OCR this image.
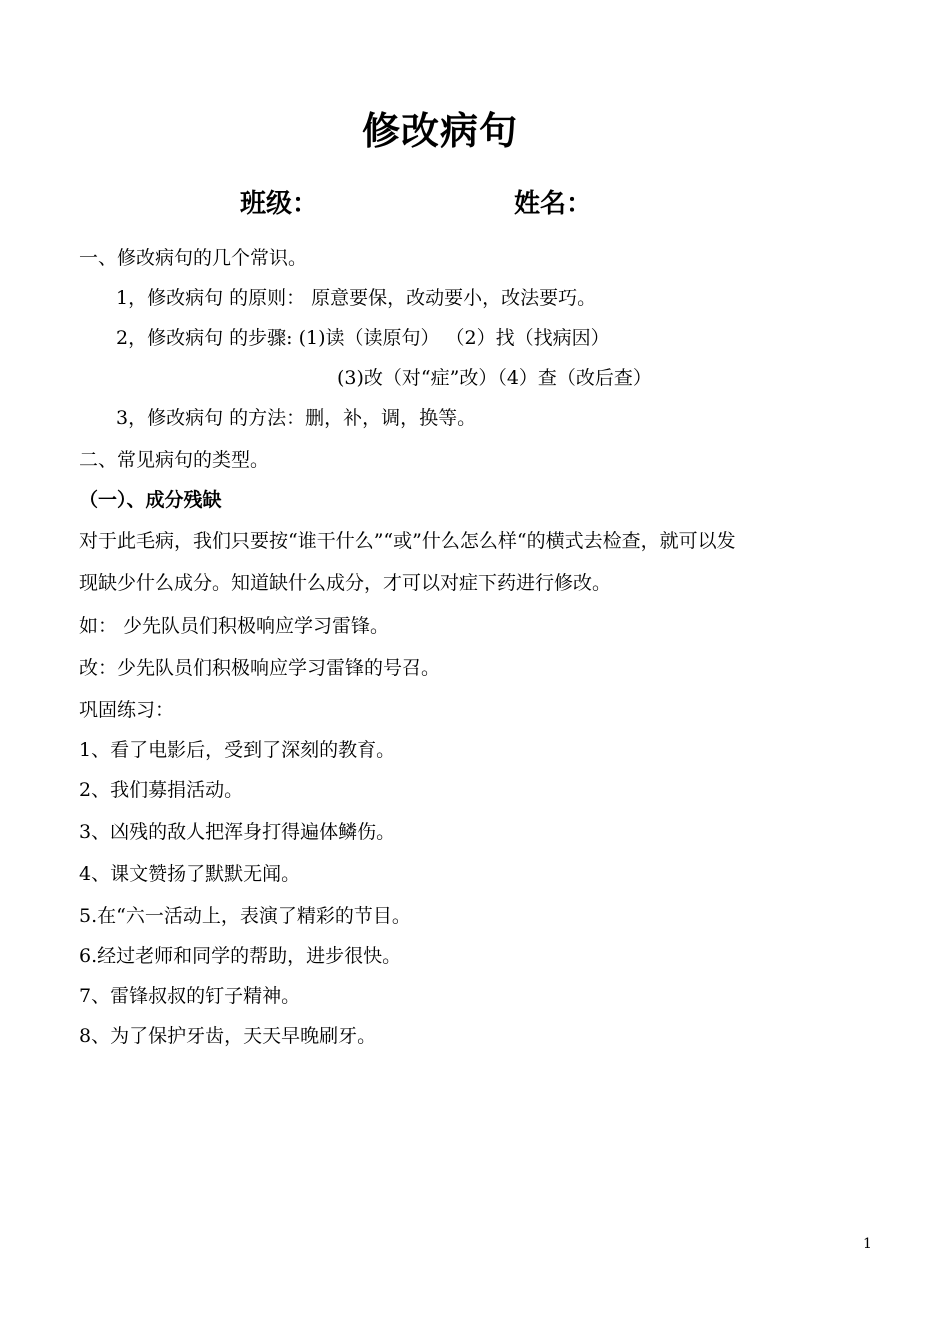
修改病句
班级：	姓名：
一、修改病句的几个常识。
1，修改病句 的原则： 原意要保，改动要小，改法要巧。
2，修改病句 的步骤: (1)读（读原句） （2）找（找病因）
(3)改（对“症”改）（4）查（改后查）
3，修改病句 的方法：删，补，调，换等。
二、常见病句的类型。
（一）、成分残缺
对于此毛病，我们只要按“谁干什么”“或”什么怎么样“的横式去检查，就可以发
现缺少什么成分。知道缺什么成分，才可以对症下药进行修改。
如： 少先队员们积极响应学习雷锋。
改：少先队员们积极响应学习雷锋的号召。
巩固练习：
1、看了电影后，受到了深刻的教育。
2、我们募捐活动。
3、凶残的敌人把浑身打得遍体鳞伤。
4、课文赞扬了默默无闻。
5.在“六一活动上，表演了精彩的节目。
6.经过老师和同学的帮助，进步很快。
7、雷锋叔叔的钉子精神。
8、为了保护牙齿，天天早晚刷牙。
1
